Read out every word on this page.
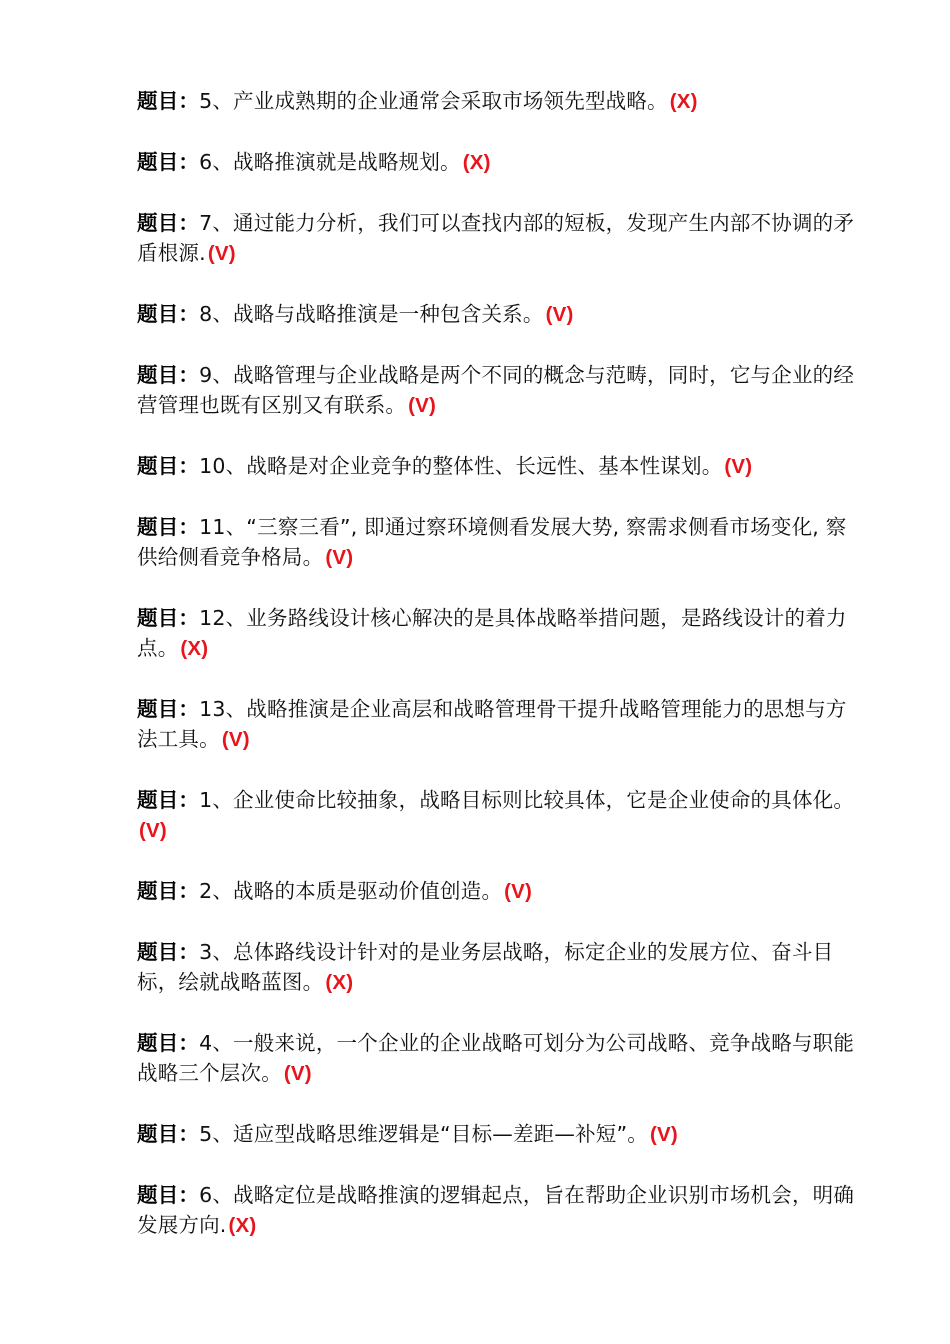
题目：5、产业成熟期的企业通常会采取市场领先型战略。(X)

题目：6、战略推演就是战略规划。(X)

题目：7、通过能力分析，我们可以查找内部的短板，发现产生内部不协调的矛盾根源.(V)

题目：8、战略与战略推演是一种包含关系。(V)

题目：9、战略管理与企业战略是两个不同的概念与范畴，同时，它与企业的经营管理也既有区别又有联系。(V)

题目：10、战略是对企业竞争的整体性、长远性、基本性谋划。(V)

题目：11、“三察三看”, 即通过察环境侧看发展大势, 察需求侧看市场变化, 察供给侧看竞争格局。(V)

题目：12、业务路线设计核心解决的是具体战略举措问题，是路线设计的着力点。(X)

题目：13、战略推演是企业高层和战略管理骨干提升战略管理能力的思想与方法工具。(V)

题目：1、企业使命比较抽象，战略目标则比较具体，它是企业使命的具体化。(V)

题目：2、战略的本质是驱动价值创造。(V)

题目：3、总体路线设计针对的是业务层战略，标定企业的发展方位、奋斗目标，绘就战略蓝图。(X)

题目：4、一般来说，一个企业的企业战略可划分为公司战略、竞争战略与职能战略三个层次。(V)

题目：5、适应型战略思维逻辑是“目标—差距—补短”。(V)

题目：6、战略定位是战略推演的逻辑起点，旨在帮助企业识别市场机会，明确发展方向.(X)
